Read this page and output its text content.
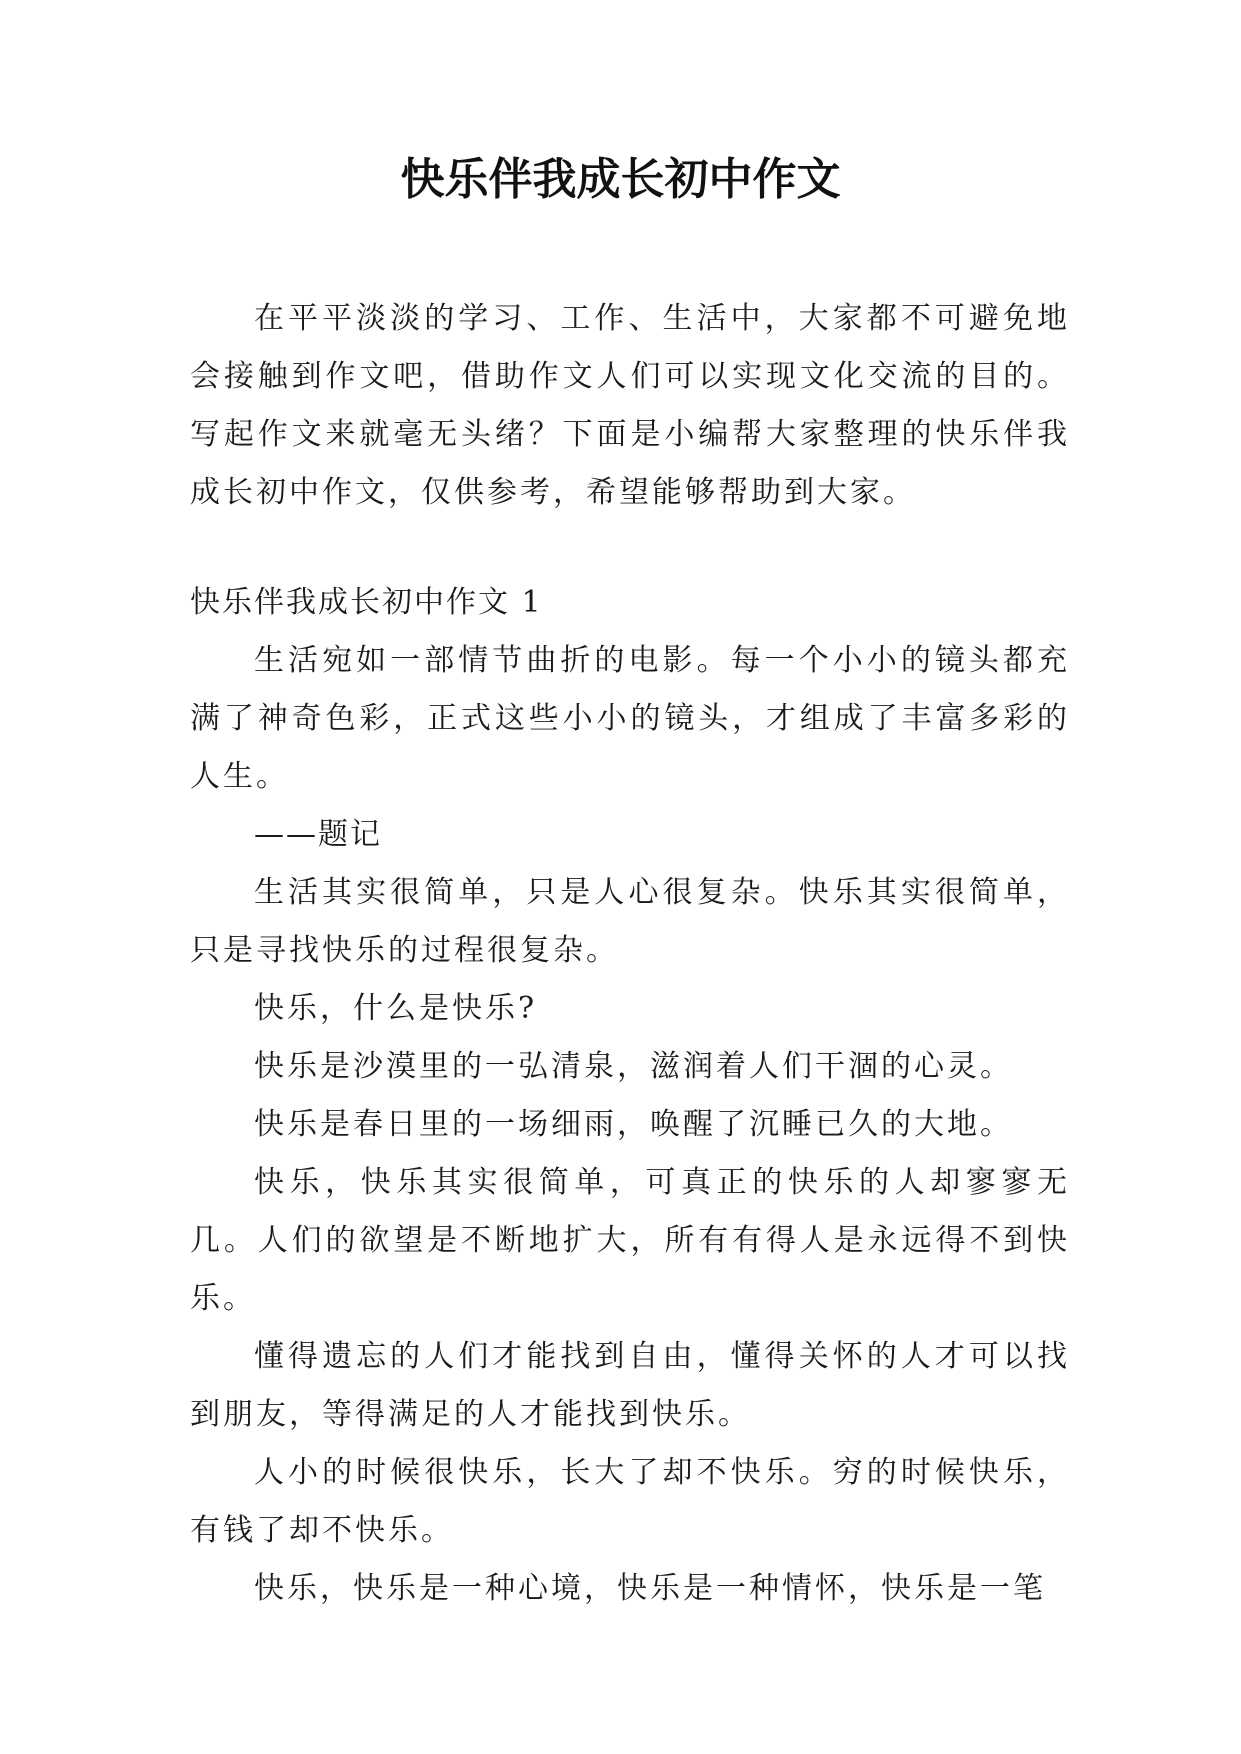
快乐伴我成长初中作文

在平平淡淡的学习、工作、生活中，大家都不可避免地会接触到作文吧，借助作文人们可以实现文化交流的目的。写起作文来就毫无头绪？下面是小编帮大家整理的快乐伴我成长初中作文，仅供参考，希望能够帮助到大家。

快乐伴我成长初中作文 1

生活宛如一部情节曲折的电影。每一个小小的镜头都充满了神奇色彩，正式这些小小的镜头，才组成了丰富多彩的人生。

——题记

生活其实很简单，只是人心很复杂。快乐其实很简单，只是寻找快乐的过程很复杂。

快乐，什么是快乐?

快乐是沙漠里的一弘清泉，滋润着人们干涸的心灵。

快乐是春日里的一场细雨，唤醒了沉睡已久的大地。

快乐，快乐其实很简单，可真正的快乐的人却寥寥无几。人们的欲望是不断地扩大，所有有得人是永远得不到快乐。

懂得遗忘的人们才能找到自由，懂得关怀的人才可以找到朋友，等得满足的人才能找到快乐。

人小的时候很快乐，长大了却不快乐。穷的时候快乐，有钱了却不快乐。

快乐，快乐是一种心境，快乐是一种情怀，快乐是一笔
